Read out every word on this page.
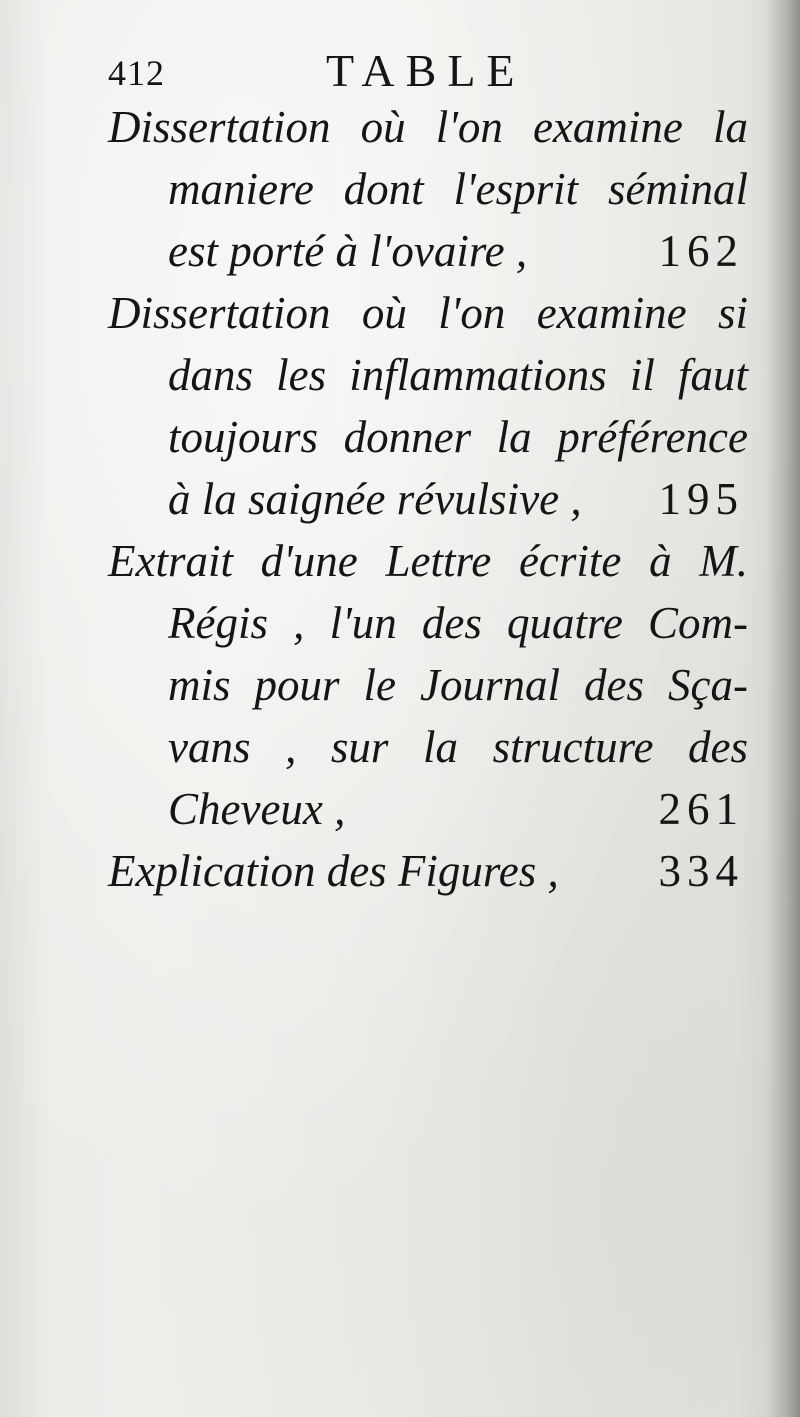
412	TABLE
Dissertation où l'on examine la
maniere dont l'esprit séminal
est porté à l'ovaire ,	162
Dissertation où l'on examine si
dans les inflammations il faut
toujours donner la préférence
à la saignée révulsive , 195
Extrait d'une Lettre écrite à M.
Régis , l'un des quatre Com-
mis pour le Journal des Sça-
vans , sur la structure des
Cheveux ,	261
Explication des Figures , 334
